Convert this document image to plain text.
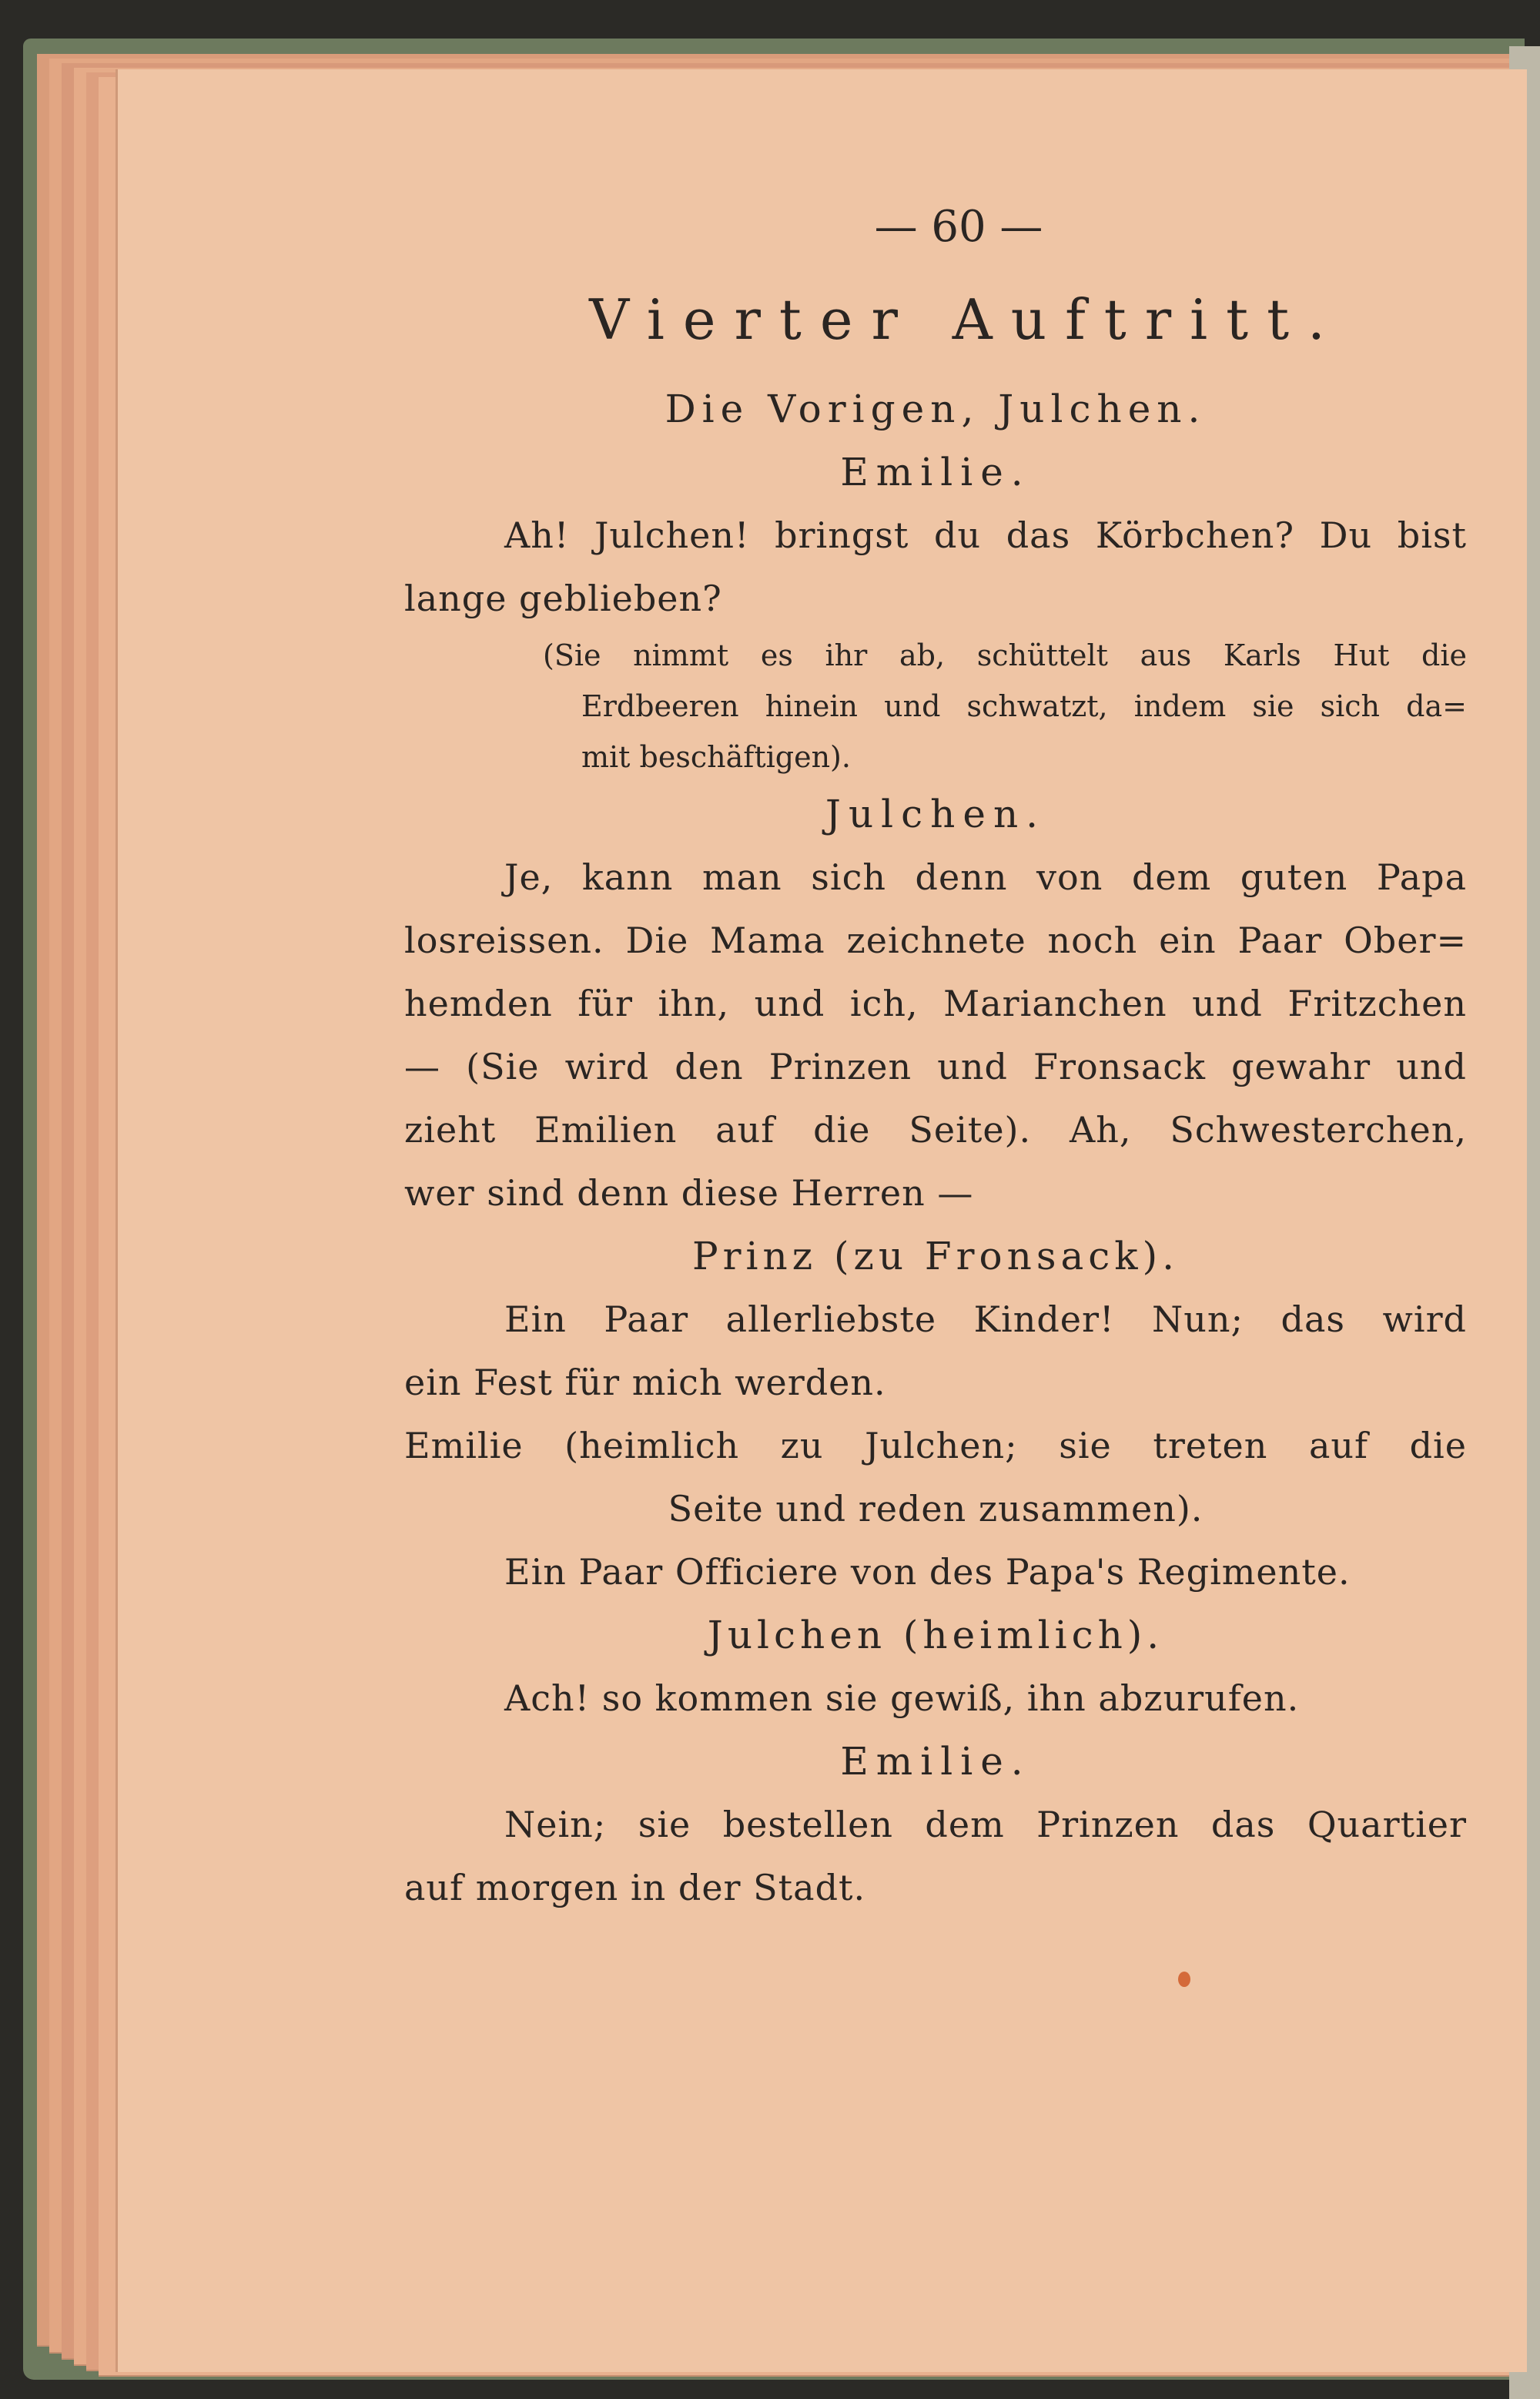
— 60 —
Vierter Auftritt.
Die Vorigen, Julchen.
Emilie.
Ah! Julchen! bringst du das Körbchen? Du bist
lange geblieben?
(Sie nimmt es ihr ab, schüttelt aus Karls Hut die
Erdbeeren hinein und schwatzt, indem sie sich da=
mit beschäftigen).
Julchen.
Je, kann man sich denn von dem guten Papa
losreissen. Die Mama zeichnete noch ein Paar Ober=
hemden für ihn, und ich, Marianchen und Fritzchen
— (Sie wird den Prinzen und Fronsack gewahr und
zieht Emilien auf die Seite). Ah, Schwesterchen,
wer sind denn diese Herren —
Prinz (zu Fronsack).
Ein Paar allerliebste Kinder! Nun; das wird
ein Fest für mich werden.
Emilie (heimlich zu Julchen; sie treten auf die
Seite und reden zusammen).
Ein Paar Officiere von des Papa's Regimente.
Julchen (heimlich).
Ach! so kommen sie gewiß, ihn abzurufen.
Emilie.
Nein; sie bestellen dem Prinzen das Quartier
auf morgen in der Stadt.
